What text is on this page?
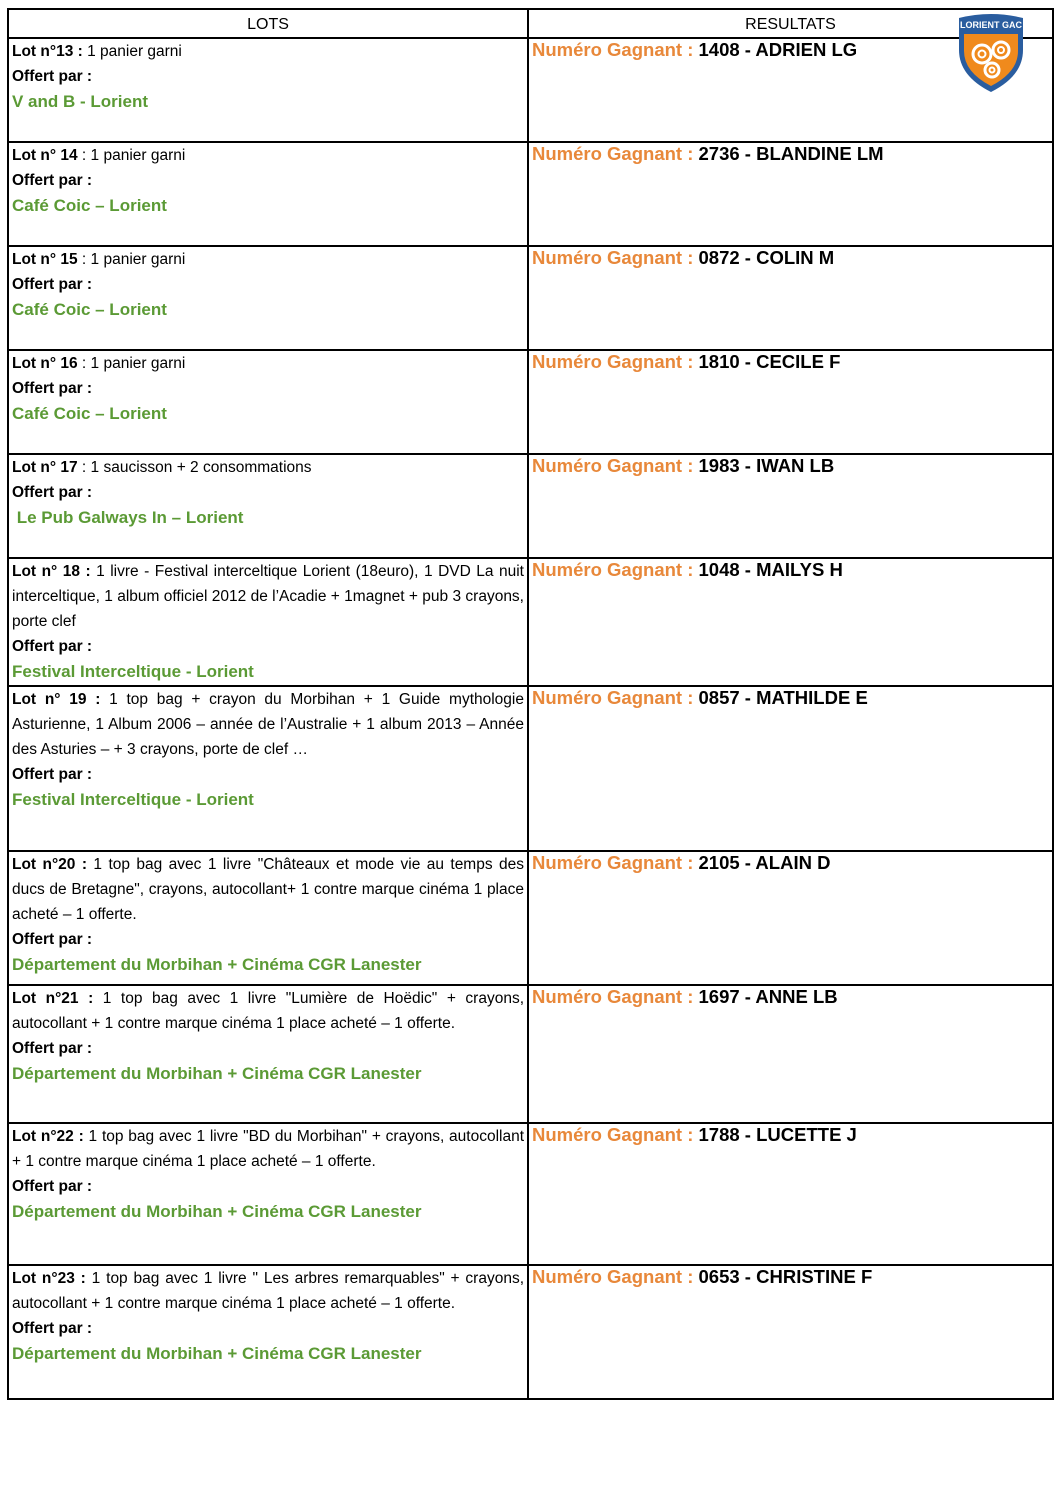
LOTS	RESULTATS

Lot n°13 : 1 panier garni
Offert par :
V and B - Lorient	Numéro Gagnant : 1408 - ADRIEN LG

Lot n° 14 : 1 panier garni
Offert par :
Café Coic – Lorient	Numéro Gagnant : 2736 - BLANDINE LM

Lot n° 15 : 1 panier garni
Offert par :
Café Coic – Lorient	Numéro Gagnant : 0872 - COLIN M

Lot n° 16 : 1 panier garni
Offert par :
Café Coic – Lorient	Numéro Gagnant : 1810 - CECILE F

Lot n° 17 : 1 saucisson + 2 consommations
Offert par :
Le Pub Galways In – Lorient	Numéro Gagnant : 1983 - IWAN LB

Lot n° 18 : 1 livre - Festival interceltique Lorient (18euro), 1 DVD La nuit interceltique, 1 album officiel 2012 de l’Acadie + 1magnet + pub 3 crayons, porte clef
Offert par :
Festival Interceltique - Lorient	Numéro Gagnant : 1048 - MAILYS H

Lot n° 19 : 1 top bag + crayon du Morbihan + 1 Guide mythologie Asturienne, 1 Album 2006 – année de l’Australie + 1 album 2013 – Année des Asturies – + 3 crayons, porte de clef …
Offert par :
Festival Interceltique - Lorient	Numéro Gagnant : 0857 - MATHILDE E

Lot n°20 : 1 top bag avec 1 livre "Châteaux et mode vie au temps des ducs de Bretagne", crayons, autocollant+ 1 contre marque cinéma 1 place acheté – 1 offerte.
Offert par :
Département du Morbihan + Cinéma CGR Lanester	Numéro Gagnant : 2105 - ALAIN D

Lot n°21 : 1 top bag avec 1 livre "Lumière de Hoëdic" + crayons, autocollant + 1 contre marque cinéma 1 place acheté – 1 offerte.
Offert par :
Département du Morbihan + Cinéma CGR Lanester	Numéro Gagnant : 1697 - ANNE LB

Lot n°22 : 1 top bag avec 1 livre "BD du Morbihan" + crayons, autocollant + 1 contre marque cinéma 1 place acheté – 1 offerte.
Offert par :
Département du Morbihan + Cinéma CGR Lanester	Numéro Gagnant : 1788 - LUCETTE J

Lot n°23 : 1 top bag avec 1 livre " Les arbres remarquables" + crayons, autocollant + 1 contre marque cinéma 1 place acheté – 1 offerte.
Offert par :
Département du Morbihan + Cinéma CGR Lanester	Numéro Gagnant : 0653 - CHRISTINE F
LORIENT GAC
